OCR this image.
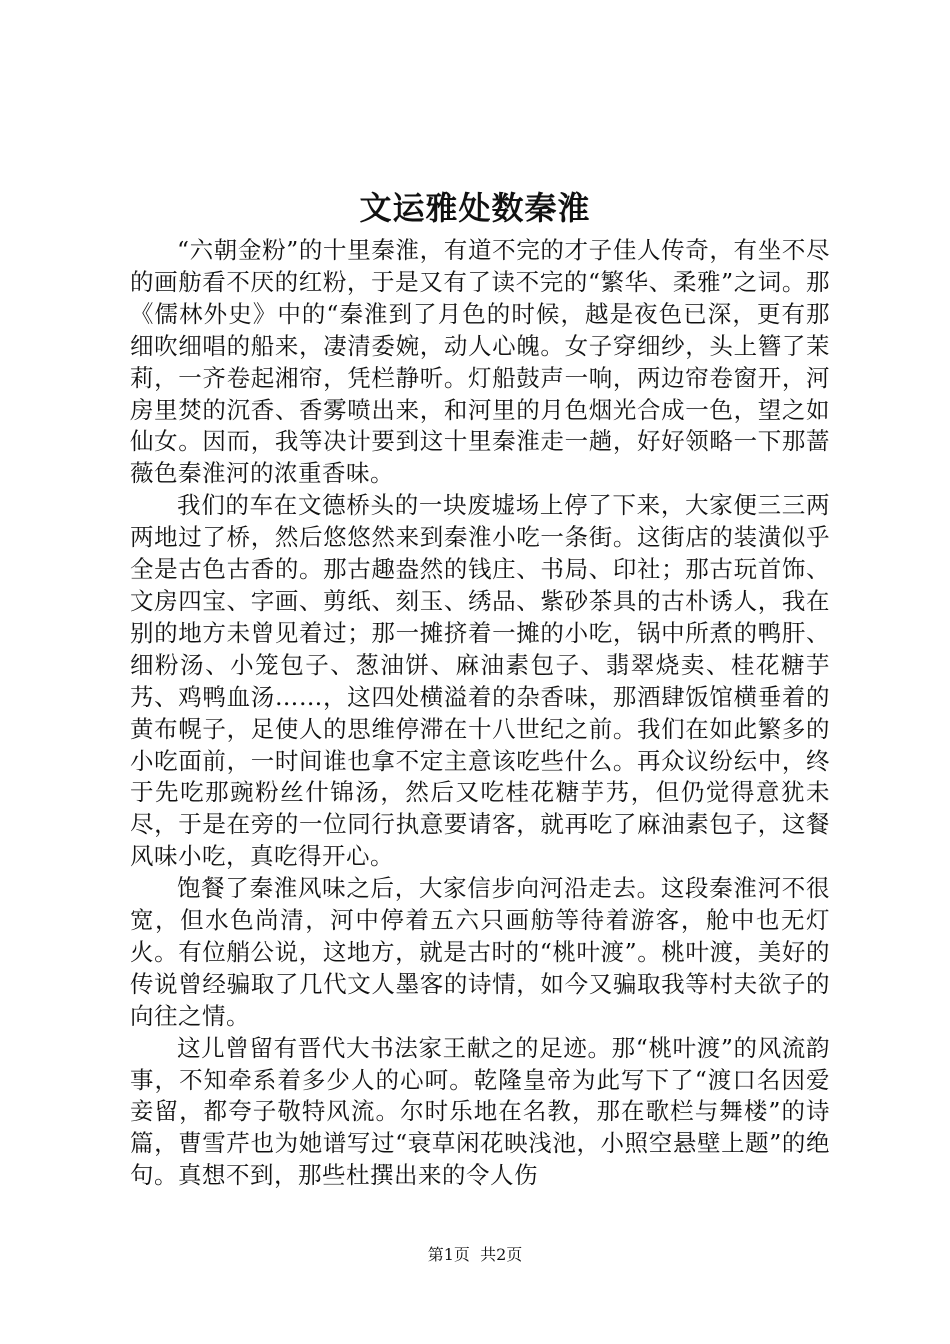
文运雅处数秦淮

“六朝金粉”的十里秦淮，有道不完的才子佳人传奇，有坐不尽的画舫看不厌的红粉，于是又有了读不完的“繁华、柔雅”之词。那《儒林外史》中的“秦淮到了月色的时候，越是夜色已深，更有那细吹细唱的船来，凄清委婉，动人心魄。女子穿细纱，头上簪了茉莉，一齐卷起湘帘，凭栏静听。灯船鼓声一响，两边帘卷窗开，河房里焚的沉香、香雾喷出来，和河里的月色烟光合成一色，望之如仙女。因而，我等决计要到这十里秦淮走一趟，好好领略一下那蔷薇色秦淮河的浓重香味。

我们的车在文德桥头的一块废墟场上停了下来，大家便三三两两地过了桥，然后悠悠然来到秦淮小吃一条街。这街店的装潢似乎全是古色古香的。那古趣盎然的钱庄、书局、印社；那古玩首饰、文房四宝、字画、剪纸、刻玉、绣品、紫砂茶具的古朴诱人，我在别的地方未曾见着过；那一摊挤着一摊的小吃，锅中所煮的鸭肝、细粉汤、小笼包子、葱油饼、麻油素包子、翡翠烧卖、桂花糖芋艿、鸡鸭血汤……，这四处横溢着的杂香味，那酒肆饭馆横垂着的黄布幌子，足使人的思维停滞在十八世纪之前。我们在如此繁多的小吃面前，一时间谁也拿不定主意该吃些什么。再众议纷纭中，终于先吃那豌粉丝什锦汤，然后又吃桂花糖芋艿，但仍觉得意犹未尽，于是在旁的一位同行执意要请客，就再吃了麻油素包子，这餐风味小吃，真吃得开心。

饱餐了秦淮风味之后，大家信步向河沿走去。这段秦淮河不很宽，但水色尚清，河中停着五六只画舫等待着游客，舱中也无灯火。有位艄公说，这地方，就是古时的“桃叶渡”。桃叶渡，美好的传说曾经骗取了几代文人墨客的诗情，如今又骗取我等村夫欲子的向往之情。

这儿曾留有晋代大书法家王献之的足迹。那“桃叶渡”的风流韵事，不知牵系着多少人的心呵。乾隆皇帝为此写下了“渡口名因爱妾留，都夸子敬特风流。尔时乐地在名教，那在歌栏与舞楼”的诗篇，曹雪芹也为她谱写过“衰草闲花映浅池，小照空悬壁上题”的绝句。真想不到，那些杜撰出来的令人伤

第1页  共2页
